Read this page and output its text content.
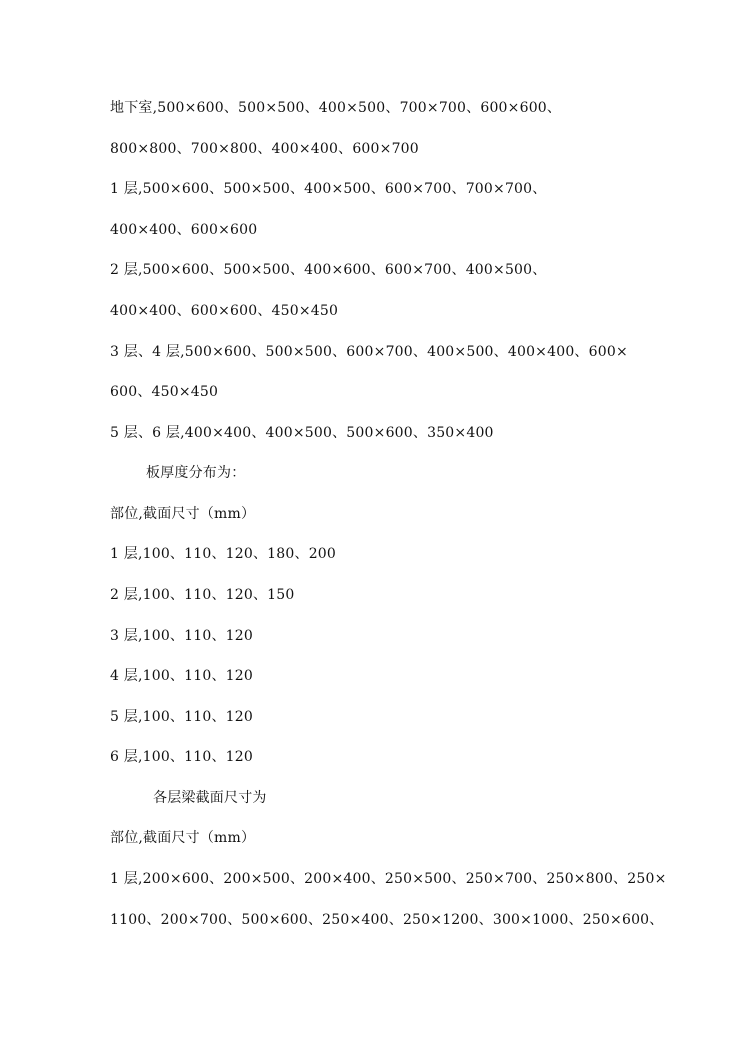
地下室,500×600、500×500、400×500、700×700、600×600、
800×800、700×800、400×400、600×700
1 层,500×600、500×500、400×500、600×700、700×700、
400×400、600×600
2 层,500×600、500×500、400×600、600×700、400×500、
400×400、600×600、450×450
3 层、4 层,500×600、500×500、600×700、400×500、400×400、600×
600、450×450
5 层、6 层,400×400、400×500、500×600、350×400
板厚度分布为：
部位,截面尺寸（mm）
1 层,100、110、120、180、200
2 层,100、110、120、150
3 层,100、110、120
4 层,100、110、120
5 层,100、110、120
6 层,100、110、120
各层梁截面尺寸为
部位,截面尺寸（mm）
1 层,200×600、200×500、200×400、250×500、250×700、250×800、250×
1100、200×700、500×600、250×400、250×1200、300×1000、250×600、
